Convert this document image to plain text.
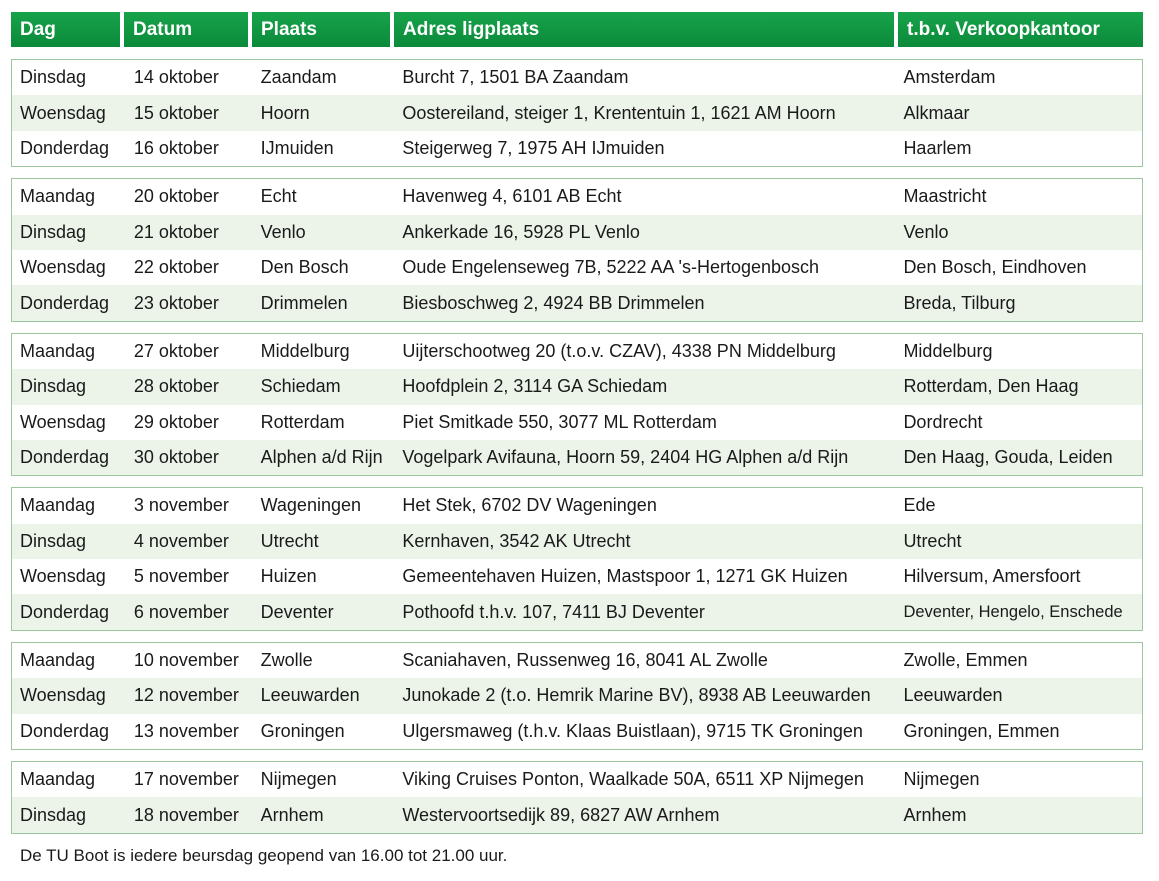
Dag	Datum	Plaats	Adres ligplaats	t.b.v. Verkoopkantoor
Dinsdag	14 oktober	Zaandam	Burcht 7, 1501 BA Zaandam	Amsterdam
Woensdag	15 oktober	Hoorn	Oostereiland, steiger 1, Krententuin 1, 1621 AM Hoorn	Alkmaar
Donderdag	16 oktober	IJmuiden	Steigerweg 7, 1975 AH IJmuiden	Haarlem
Maandag	20 oktober	Echt	Havenweg 4, 6101 AB Echt	Maastricht
Dinsdag	21 oktober	Venlo	Ankerkade 16, 5928 PL Venlo	Venlo
Woensdag	22 oktober	Den Bosch	Oude Engelenseweg 7B, 5222 AA 's-Hertogenbosch	Den Bosch, Eindhoven
Donderdag	23 oktober	Drimmelen	Biesboschweg 2, 4924 BB Drimmelen	Breda, Tilburg
Maandag	27 oktober	Middelburg	Uijterschootweg 20 (t.o.v. CZAV), 4338 PN Middelburg	Middelburg
Dinsdag	28 oktober	Schiedam	Hoofdplein 2, 3114 GA Schiedam	Rotterdam, Den Haag
Woensdag	29 oktober	Rotterdam	Piet Smitkade 550, 3077 ML Rotterdam	Dordrecht
Donderdag	30 oktober	Alphen a/d Rijn	Vogelpark Avifauna, Hoorn 59, 2404 HG Alphen a/d Rijn	Den Haag, Gouda, Leiden
Maandag	3 november	Wageningen	Het Stek, 6702 DV Wageningen	Ede
Dinsdag	4 november	Utrecht	Kernhaven, 3542 AK Utrecht	Utrecht
Woensdag	5 november	Huizen	Gemeentehaven Huizen, Mastspoor 1, 1271 GK Huizen	Hilversum, Amersfoort
Donderdag	6 november	Deventer	Pothoofd t.h.v. 107, 7411 BJ Deventer	Deventer, Hengelo, Enschede
Maandag	10 november	Zwolle	Scaniahaven, Russenweg 16, 8041 AL Zwolle	Zwolle, Emmen
Woensdag	12 november	Leeuwarden	Junokade 2 (t.o. Hemrik Marine BV), 8938 AB Leeuwarden	Leeuwarden
Donderdag	13 november	Groningen	Ulgersmaweg (t.h.v. Klaas Buistlaan), 9715 TK Groningen	Groningen, Emmen
Maandag	17 november	Nijmegen	Viking Cruises Ponton, Waalkade 50A, 6511 XP Nijmegen	Nijmegen
Dinsdag	18 november	Arnhem	Westervoortsedijk 89, 6827 AW Arnhem	Arnhem
De TU Boot is iedere beursdag geopend van 16.00 tot 21.00 uur.
